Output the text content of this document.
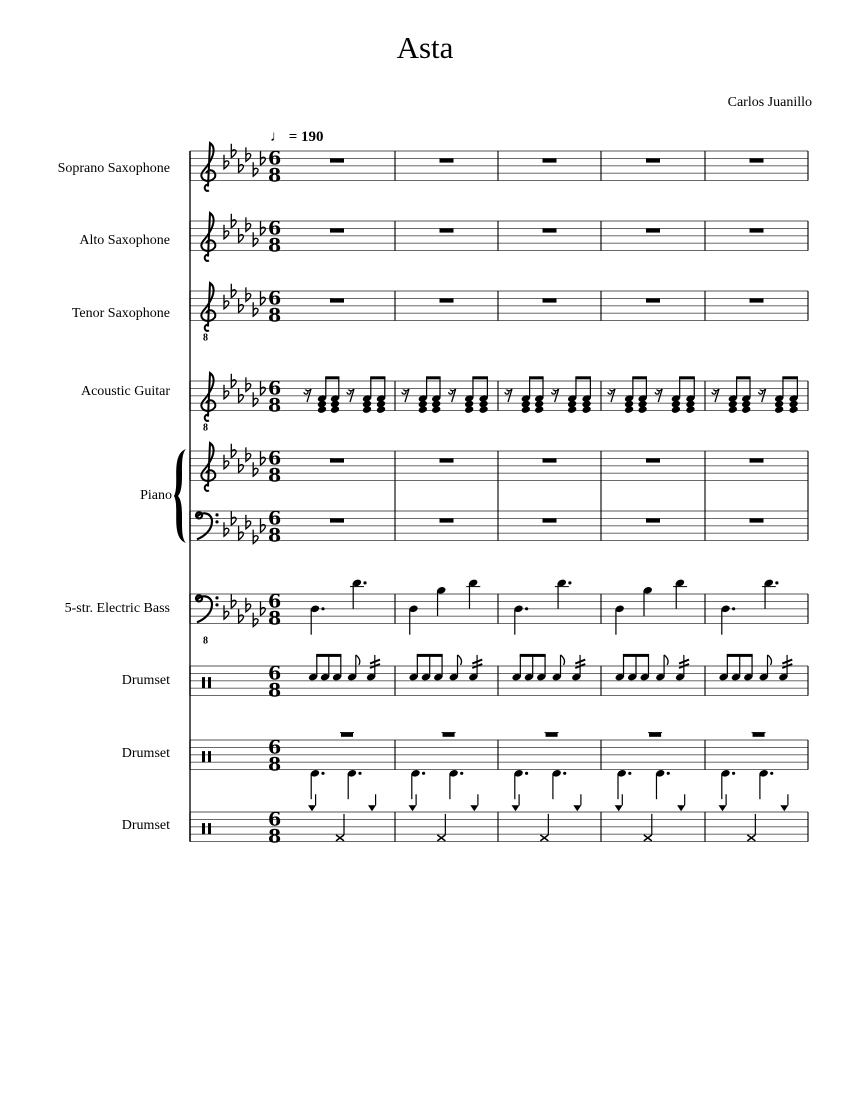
Asta
Carlos Juanillo
♩ = 190
Soprano Saxophone
Alto Saxophone
Tenor Saxophone
Acoustic Guitar
Piano
5-str. Electric Bass
Drumset
Drumset
Drumset
6
8
6
8
8
6
8
8
6
8
6
8
6
8
8
6
8
6
8
6
8
6
8
